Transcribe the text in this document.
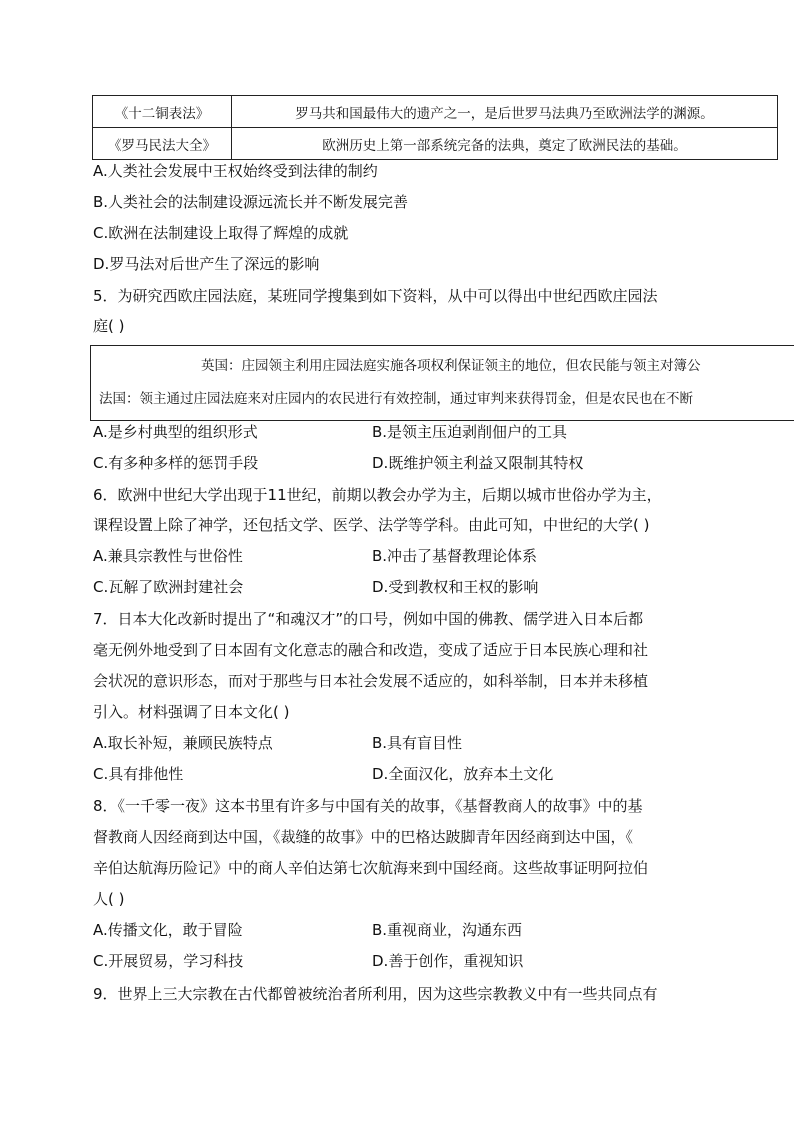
《十二铜表法》	罗马共和国最伟大的遗产之一，是后世罗马法典乃至欧洲法学的渊源。
《罗马民法大全》	欧洲历史上第一部系统完备的法典，奠定了欧洲民法的基础。
A.人类社会发展中王权始终受到法律的制约
B.人类社会的法制建设源远流长并不断发展完善
C.欧洲在法制建设上取得了辉煌的成就
D.罗马法对后世产生了深远的影响
5．为研究西欧庄园法庭，某班同学搜集到如下资料，从中可以得出中世纪西欧庄园法
庭( )
英国：庄园领主利用庄园法庭实施各项权利保证领主的地位，但农民能与领主对簿公
法国：领主通过庄园法庭来对庄园内的农民进行有效控制，通过审判来获得罚金，但是农民也在不断
A.是乡村典型的组织形式	B.是领主压迫剥削佃户的工具
C.有多种多样的惩罚手段	D.既维护领主利益又限制其特权
6．欧洲中世纪大学出现于11世纪，前期以教会办学为主，后期以城市世俗办学为主，
课程设置上除了神学，还包括文学、医学、法学等学科。由此可知，中世纪的大学( )
A.兼具宗教性与世俗性	B.冲击了基督教理论体系
C.瓦解了欧洲封建社会	D.受到教权和王权的影响
7．日本大化改新时提出了“和魂汉才”的口号，例如中国的佛教、儒学进入日本后都
毫无例外地受到了日本固有文化意志的融合和改造，变成了适应于日本民族心理和社
会状况的意识形态，而对于那些与日本社会发展不适应的，如科举制，日本并未移植
引入。材料强调了日本文化( )
A.取长补短，兼顾民族特点	B.具有盲目性
C.具有排他性	D.全面汉化，放弃本土文化
8．《一千零一夜》这本书里有许多与中国有关的故事，《基督教商人的故事》中的基
督教商人因经商到达中国，《裁缝的故事》中的巴格达跛脚青年因经商到达中国，《
辛伯达航海历险记》中的商人辛伯达第七次航海来到中国经商。这些故事证明阿拉伯
人( )
A.传播文化，敢于冒险	B.重视商业，沟通东西
C.开展贸易，学习科技	D.善于创作，重视知识
9．世界上三大宗教在古代都曾被统治者所利用，因为这些宗教教义中有一些共同点有
